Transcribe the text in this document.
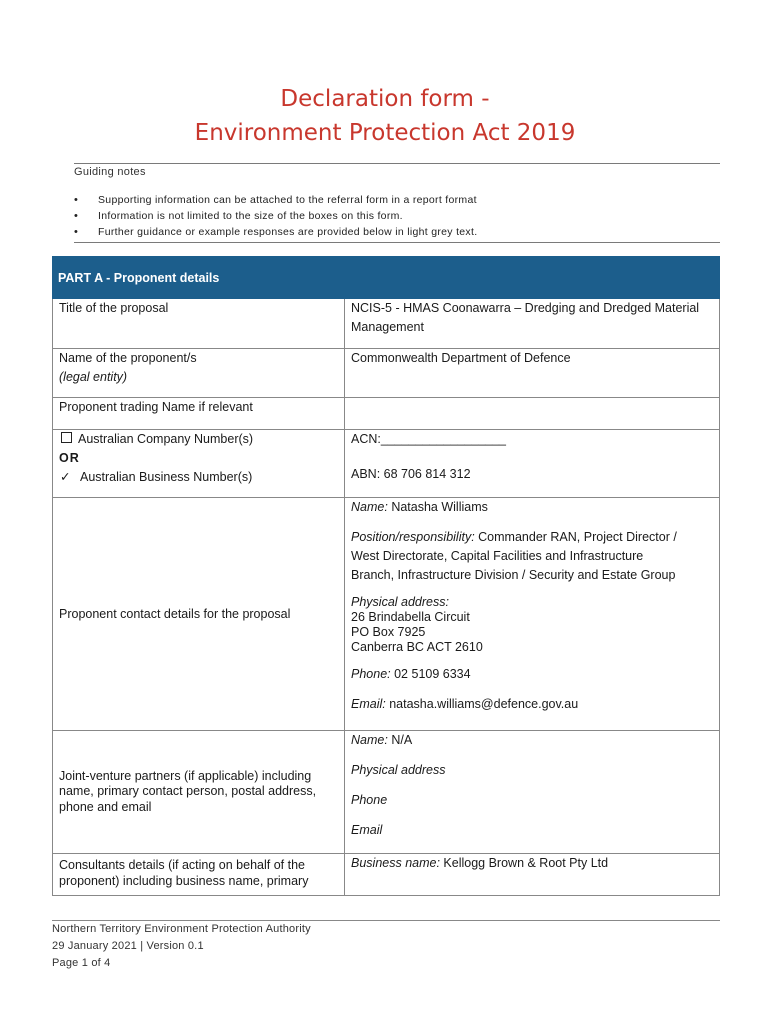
Declaration form -
Environment Protection Act 2019
Guiding notes
• Supporting information can be attached to the referral form in a report format
• Information is not limited to the size of the boxes on this form.
• Further guidance or example responses are provided below in light grey text.
PART A - Proponent details
Title of the proposal	NCIS-5 - HMAS Coonawarra – Dredging and Dredged Material Management
Name of the proponent/s
(legal entity)
Commonwealth Department of Defence
Proponent trading Name if relevant
Australian Company Number(s)
OR
✓ Australian Business Number(s)
ACN:__________________
ABN: 68 706 814 312
Proponent contact details for the proposal
Name: Natasha Williams
Position/responsibility: Commander RAN, Project Director /
West Directorate, Capital Facilities and Infrastructure
Branch, Infrastructure Division / Security and Estate Group
Physical address:
26 Brindabella Circuit
PO Box 7925
Canberra BC ACT 2610
Phone: 02 5109 6334
Email: natasha.williams@defence.gov.au
Joint-venture partners (if applicable) including
name, primary contact person, postal address,
phone and email
Name: N/A
Physical address
Phone
Email
Consultants details (if acting on behalf of the
proponent) including business name, primary
Business name: Kellogg Brown & Root Pty Ltd
Northern Territory Environment Protection Authority
29 January 2021 | Version 0.1
Page 1 of 4
